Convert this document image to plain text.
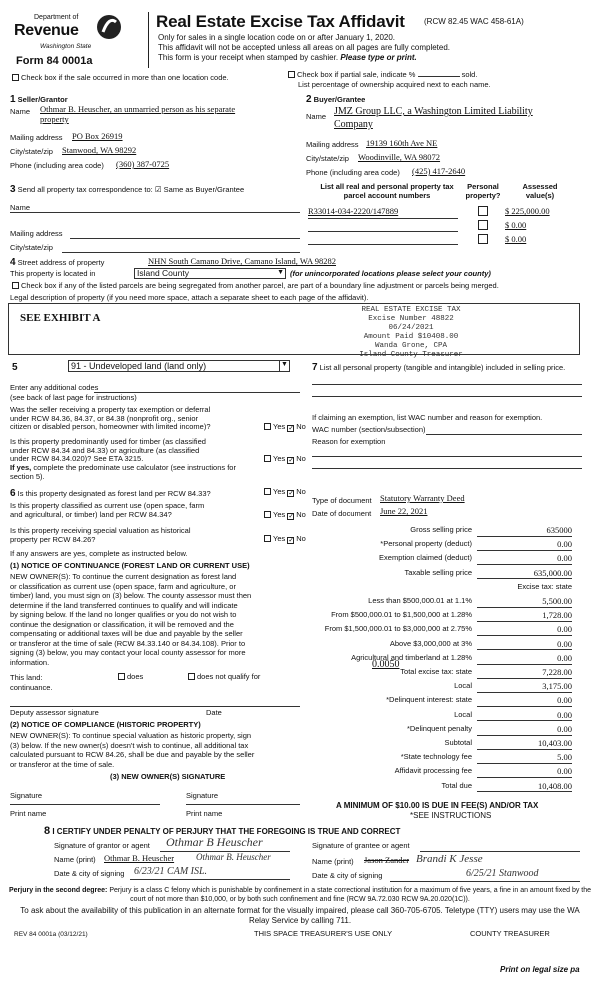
Department of
Revenue
Washington State
Form 84 0001a
Real Estate Excise Tax Affidavit (RCW 82.45 WAC 458-61A)
Only for sales in a single location code on or after January 1, 2020.
This affidavit will not be accepted unless all areas on all pages are fully completed.
This form is your receipt when stamped by cashier. Please type or print.
Check box if the sale occurred in more than one location code.	Check box if partial sale, indicate %	sold.
List percentage of ownership acquired next to each name.
1 Seller/Grantor
Name Othmar B. Heuscher, an unmarried person as his separate
property
Mailing address PO Box 26919
City/state/zip Stanwood, WA 98292
Phone (including area code) (360) 387-0725
2 Buyer/Grantee
Name JMZ Group LLC, a Washington Limited Liability
Company
Mailing address 19139 160th Ave NE
City/state/zip Woodinville, WA 98072
Phone (including area code) (425) 417-2640
3 Send all property tax correspondence to: ☑ Same as Buyer/Grantee
Name
Mailing address
City/state/zip
List all real and personal property tax
parcel account numbers
Personal
property?
Assessed
value(s)
R33014-034-2220/147889	$ 225,000.00
$ 0.00
$ 0.00
4 Street address of property	NHN South Camano Drive, Camano Island, WA 98282
This property is located in	Island County	▼ (for unincorporated locations please select your county)
Check box if any of the listed parcels are being segregated from another parcel, are part of a boundary line adjustment or parcels being merged.
Legal description of property (if you need more space, attach a separate sheet to each page of the affidavit).
SEE EXHIBIT A
REAL ESTATE EXCISE TAX
Excise Number 48822
06/24/2021
Amount Paid $10408.00
Wanda Grone, CPA
Island County Treasurer
5	91 - Undeveloped land (land only)	▼
Enter any additional codes
(see back of last page for instructions)
Was the seller receiving a property tax exemption or deferral
under RCW 84.36, 84.37, or 84.38 (nonprofit org., senior
citizen or disabled person, homeowner with limited income)?	Yes ✓ No
Is this property predominantly used for timber (as classified
under RCW 84.34 and 84.33) or agriculture (as classified
under RCW 84.34.020)? See ETA 3215.
If yes, complete the predominate use calculator (see instructions for
section 5).
Yes ✓ No
6 Is this property designated as forest land per RCW 84.33?	Yes ✓ No
Is this property classified as current use (open space, farm
and agricultural, or timber) land per RCW 84.34?	Yes ✓ No
Is this property receiving special valuation as historical
property per RCW 84.26?	Yes ✓ No
If any answers are yes, complete as instructed below.
(1) NOTICE OF CONTINUANCE (FOREST LAND OR CURRENT USE)
NEW OWNER(S): To continue the current designation as forest land
or classification as current use (open space, farm and agriculture, or
timber) land, you must sign on (3) below. The county assessor must then
determine if the land transferred continues to qualify and will indicate
by signing below. If the land no longer qualifies or you do not wish to
continue the designation or classification, it will be removed and the
compensating or additional taxes will be due and payable by the seller
or transferor at the time of sale (RCW 84.33.140 or 84.34.108). Prior to
signing (3) below, you may contact your local county assessor for more
information.
This land:	does	does not qualify for
continuance.
Deputy assessor signature	Date
(2) NOTICE OF COMPLIANCE (HISTORIC PROPERTY)
NEW OWNER(S): To continue special valuation as historic property, sign
(3) below. If the new owner(s) doesn't wish to continue, all additional tax
calculated pursuant to RCW 84.26, shall be due and payable by the seller
or transferor at the time of sale.
(3) NEW OWNER(S) SIGNATURE
Signature	Signature
Print name	Print name
7 List all personal property (tangible and intangible) included in selling price.
If claiming an exemption, list WAC number and reason for exemption.
WAC number (section/subsection)
Reason for exemption
Type of document Statutory Warranty Deed
Date of document June 22, 2021
Gross selling price	635000
*Personal property (deduct)	0.00
Exemption claimed (deduct)	0.00
Taxable selling price	635,000.00
Excise tax: state
Less than $500,000.01 at 1.1%	5,500.00
From $500,000.01 to $1,500,000 at 1.28%	1,728.00
From $1,500,000.01 to $3,000,000 at 2.75%	0.00
Above $3,000,000 at 3%	0.00
Agricultural and timberland at 1.28%	0.00
Total excise tax: state	7,228.00
Local	3,175.00
*Delinquent interest: state	0.00
Local	0.00
*Delinquent penalty	0.00
Subtotal	10,403.00
*State technology fee	5.00
Affidavit processing fee	0.00
Total due	10,408.00
0.0050
A MINIMUM OF $10.00 IS DUE IN FEE(S) AND/OR TAX
*SEE INSTRUCTIONS
8 I CERTIFY UNDER PENALTY OF PERJURY THAT THE FOREGOING IS TRUE AND CORRECT
Signature of grantor or agent Othmar B Heuscher
Name (print) Othmar B. Heuscher Othmar B. Heuscher
Date & city of signing 6/23/21 CAM ISL.
Signature of grantee or agent
Name (print) Jason Zander Brandi K Jesse
Date & city of signing	6/25/21 Stanwood
Perjury in the second degree: Perjury is a class C felony which is punishable by confinement in a state correctional institution for a maximum of five years, a fine in an amount fixed by the court of not more than $10,000, or by both such confinement and fine (RCW 9A.72.030 RCW 9A.20.020(1C)).
To ask about the availability of this publication in an alternate format for the visually impaired, please call 360-705-6705. Teletype (TTY) users may use the WA Relay Service by calling 711.
REV 84 0001a (03/12/21)	THIS SPACE TREASURER'S USE ONLY	COUNTY TREASURER
Print on legal size pa
